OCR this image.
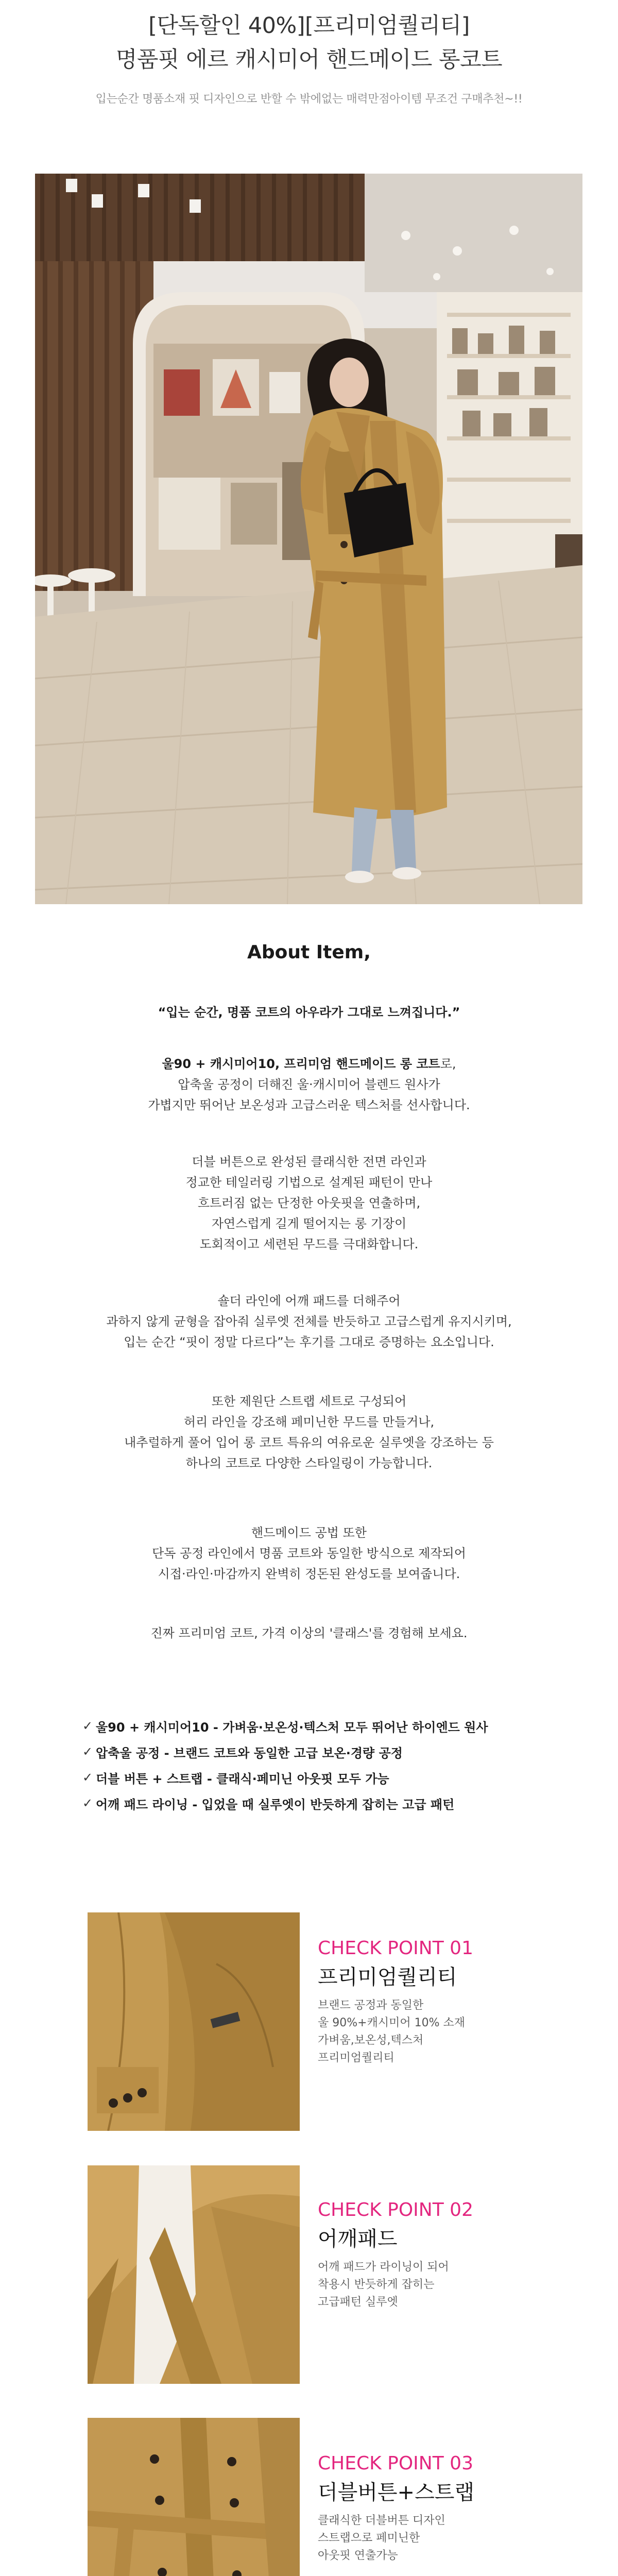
[단독할인 40%][프리미엄퀄리티]
명품핏 에르 캐시미어 핸드메이드 롱코트
입는순간 명품소재 핏 디자인으로 반할 수 밖에없는 매력만점아이템 무조건 구매추천~!!
About Item,
“입는 순간, 명품 코트의 아우라가 그대로 느껴집니다.”
울90 + 캐시미어10, 프리미엄 핸드메이드 롱 코트로,
압축울 공정이 더해진 울·캐시미어 블렌드 원사가
가볍지만 뛰어난 보온성과 고급스러운 텍스처를 선사합니다.
더블 버튼으로 완성된 클래식한 전면 라인과
정교한 테일러링 기법으로 설계된 패턴이 만나
흐트러짐 없는 단정한 아웃핏을 연출하며,
자연스럽게 길게 떨어지는 롱 기장이
도회적이고 세련된 무드를 극대화합니다.
숄더 라인에 어깨 패드를 더해주어
과하지 않게 균형을 잡아줘 실루엣 전체를 반듯하고 고급스럽게 유지시키며,
입는 순간 “핏이 정말 다르다”는 후기를 그대로 증명하는 요소입니다.
또한 제원단 스트랩 세트로 구성되어
허리 라인을 강조해 페미닌한 무드를 만들거나,
내추럴하게 풀어 입어 롱 코트 특유의 여유로운 실루엣을 강조하는 등
하나의 코트로 다양한 스타일링이 가능합니다.
핸드메이드 공법 또한
단독 공정 라인에서 명품 코트와 동일한 방식으로 제작되어
시접·라인·마감까지 완벽히 정돈된 완성도를 보여줍니다.
진짜 프리미엄 코트, 가격 이상의 '클래스'를 경험해 보세요.
✓ 울90 + 캐시미어10 - 가벼움·보온성·텍스처 모두 뛰어난 하이엔드 원사
✓ 압축울 공정 - 브랜드 코트와 동일한 고급 보온·경량 공정
✓ 더블 버튼 + 스트랩 - 클래식·페미닌 아웃핏 모두 가능
✓ 어깨 패드 라이닝 - 입었을 때 실루엣이 반듯하게 잡히는 고급 패턴
CHECK POINT 01
프리미엄퀄리티
브랜드 공정과 동일한
울 90%+캐시미어 10% 소재
가벼움,보온성,텍스처
프리미엄퀄리티
CHECK POINT 02
어깨패드
어깨 패드가 라이닝이 되어
착용시 반듯하게 잡히는
고급패턴 실루엣
CHECK POINT 03
더블버튼+스트랩
클래식한 더블버튼 디자인
스트랩으로 페미닌한
아웃핏 연출가능
